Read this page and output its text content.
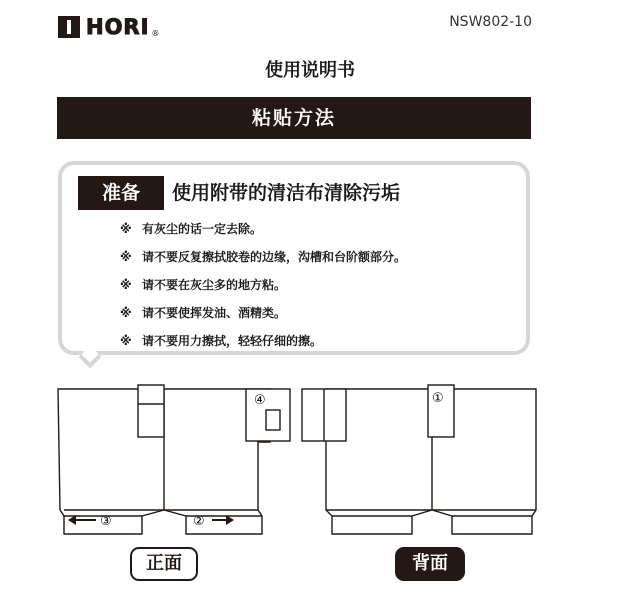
HORI ®
NSW802-10
使用说明书
粘贴方法
准备	使用附带的清洁布清除污垢
※ 有灰尘的话一定去除。
※ 请不要反复擦拭胶卷的边缘，沟槽和台阶额部分。
※ 请不要在灰尘多的地方粘。
※ 请不要使挥发油、酒精类。
※ 请不要用力擦拭，轻轻仔细的擦。
③	②
④	①
正面	背面
